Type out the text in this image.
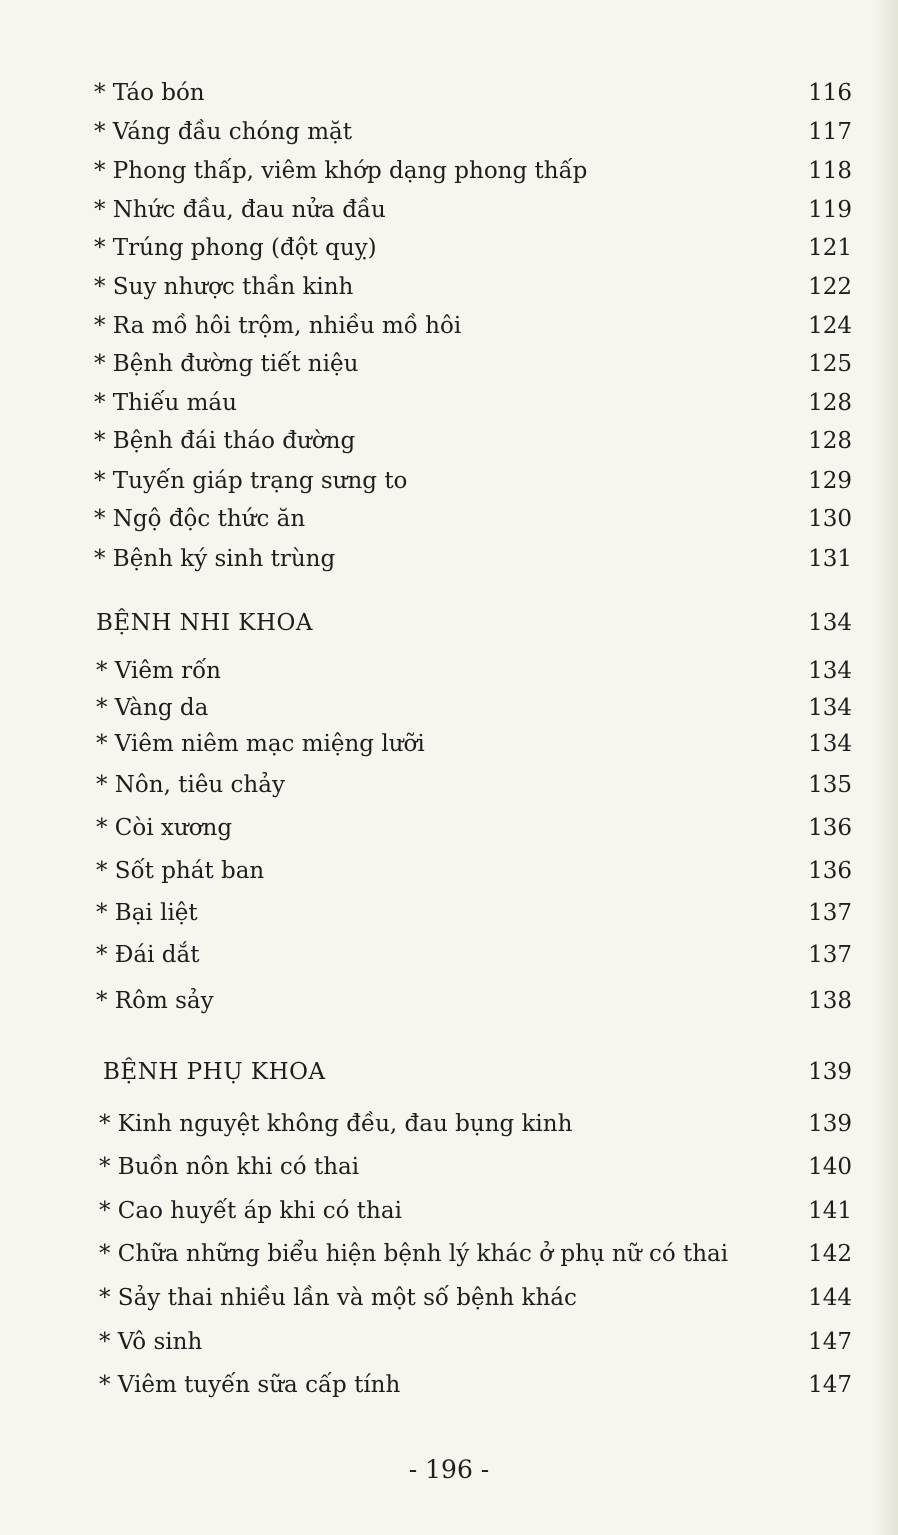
* Táo bón	116
* Váng đầu chóng mặt	117
* Phong thấp, viêm khớp dạng phong thấp	118
* Nhức đầu, đau nửa đầu	119
* Trúng phong (đột quỵ)	121
* Suy nhược thần kinh	122
* Ra mồ hôi trộm, nhiều mồ hôi	124
* Bệnh đường tiết niệu	125
* Thiếu máu	128
* Bệnh đái tháo đường	128
* Tuyến giáp trạng sưng to	129
* Ngộ độc thức ăn	130
* Bệnh ký sinh trùng	131
BỆNH NHI KHOA	134
* Viêm rốn	134
* Vàng da	134
* Viêm niêm mạc miệng lưỡi	134
* Nôn, tiêu chảy	135
* Còi xương	136
* Sốt phát ban	136
* Bại liệt	137
* Đái dắt	137
* Rôm sảy	138
BỆNH PHỤ KHOA	139
* Kinh nguyệt không đều, đau bụng kinh	139
* Buồn nôn khi có thai	140
* Cao huyết áp khi có thai	141
* Chữa những biểu hiện bệnh lý khác ở phụ nữ có thai	142
* Sảy thai nhiều lần và một số bệnh khác	144
* Vô sinh	147
* Viêm tuyến sữa cấp tính	147
- 196 -
